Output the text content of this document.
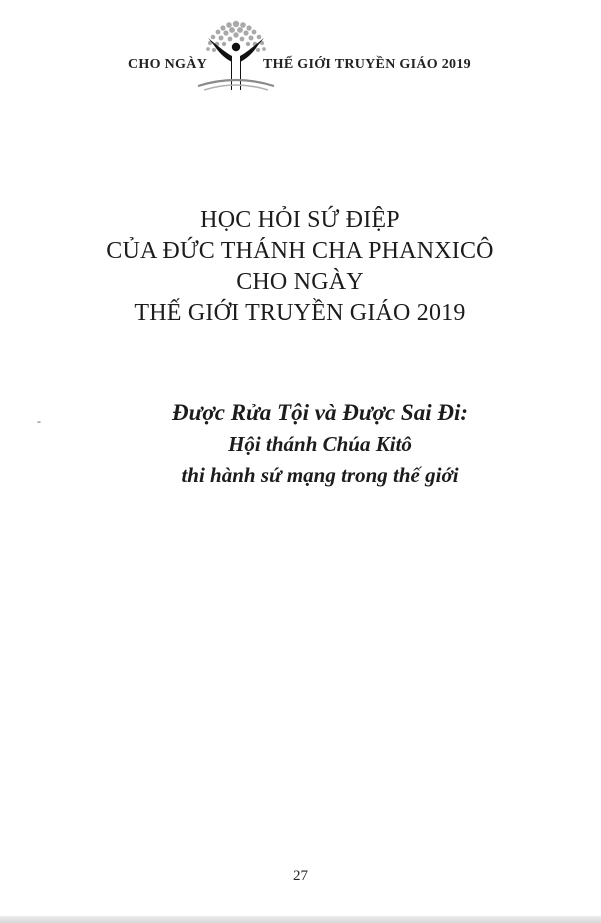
CHO NGÀY	THẾ GIỚI TRUYỀN GIÁO 2019
HỌC HỎI SỨ ĐIỆP
CỦA ĐỨC THÁNH CHA PHANXICÔ
CHO NGÀY
THẾ GIỚI TRUYỀN GIÁO 2019
-	Được Rửa Tội và Được Sai Đi:
Hội thánh Chúa Kitô
thi hành sứ mạng trong thế giới
27
